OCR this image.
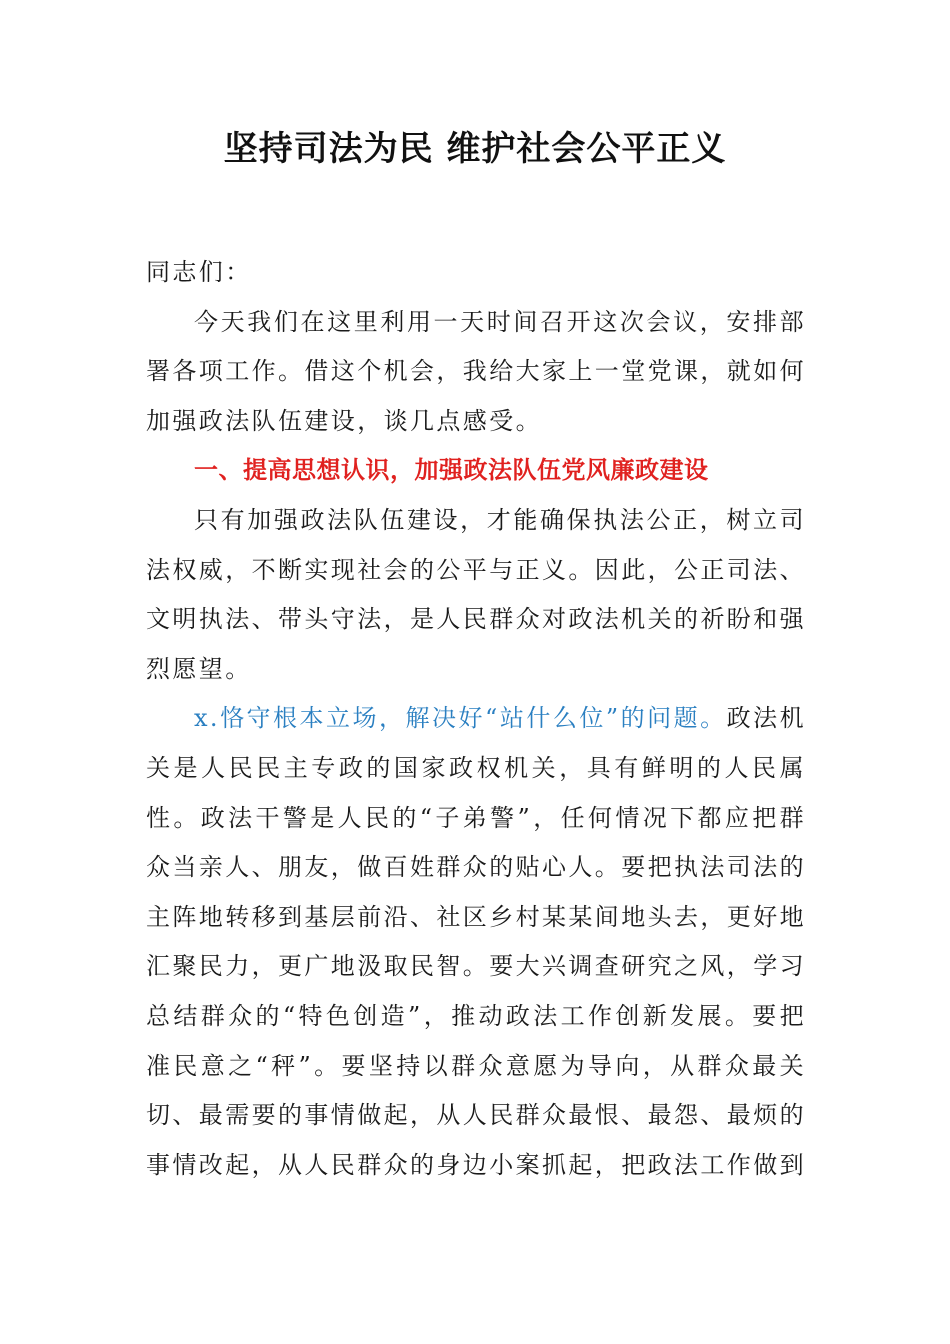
坚持司法为民 维护社会公平正义

同志们：

今天我们在这里利用一天时间召开这次会议，安排部署各项工作。借这个机会，我给大家上一堂党课，就如何加强政法队伍建设，谈几点感受。

一、提高思想认识，加强政法队伍党风廉政建设

只有加强政法队伍建设，才能确保执法公正，树立司法权威，不断实现社会的公平与正义。因此，公正司法、文明执法、带头守法，是人民群众对政法机关的祈盼和强烈愿望。

x.恪守根本立场，解决好“站什么位”的问题。政法机关是人民民主专政的国家政权机关，具有鲜明的人民属性。政法干警是人民的“子弟警”，任何情况下都应把群众当亲人、朋友，做百姓群众的贴心人。要把执法司法的主阵地转移到基层前沿、社区乡村某某间地头去，更好地汇聚民力，更广地汲取民智。要大兴调查研究之风，学习总结群众的“特色创造”，推动政法工作创新发展。要把准民意之“秤”。要坚持以群众意愿为导向，从群众最关切、最需要的事情做起，从人民群众最恨、最怨、最烦的事情改起，从人民群众的身边小案抓起，把政法工作做到
